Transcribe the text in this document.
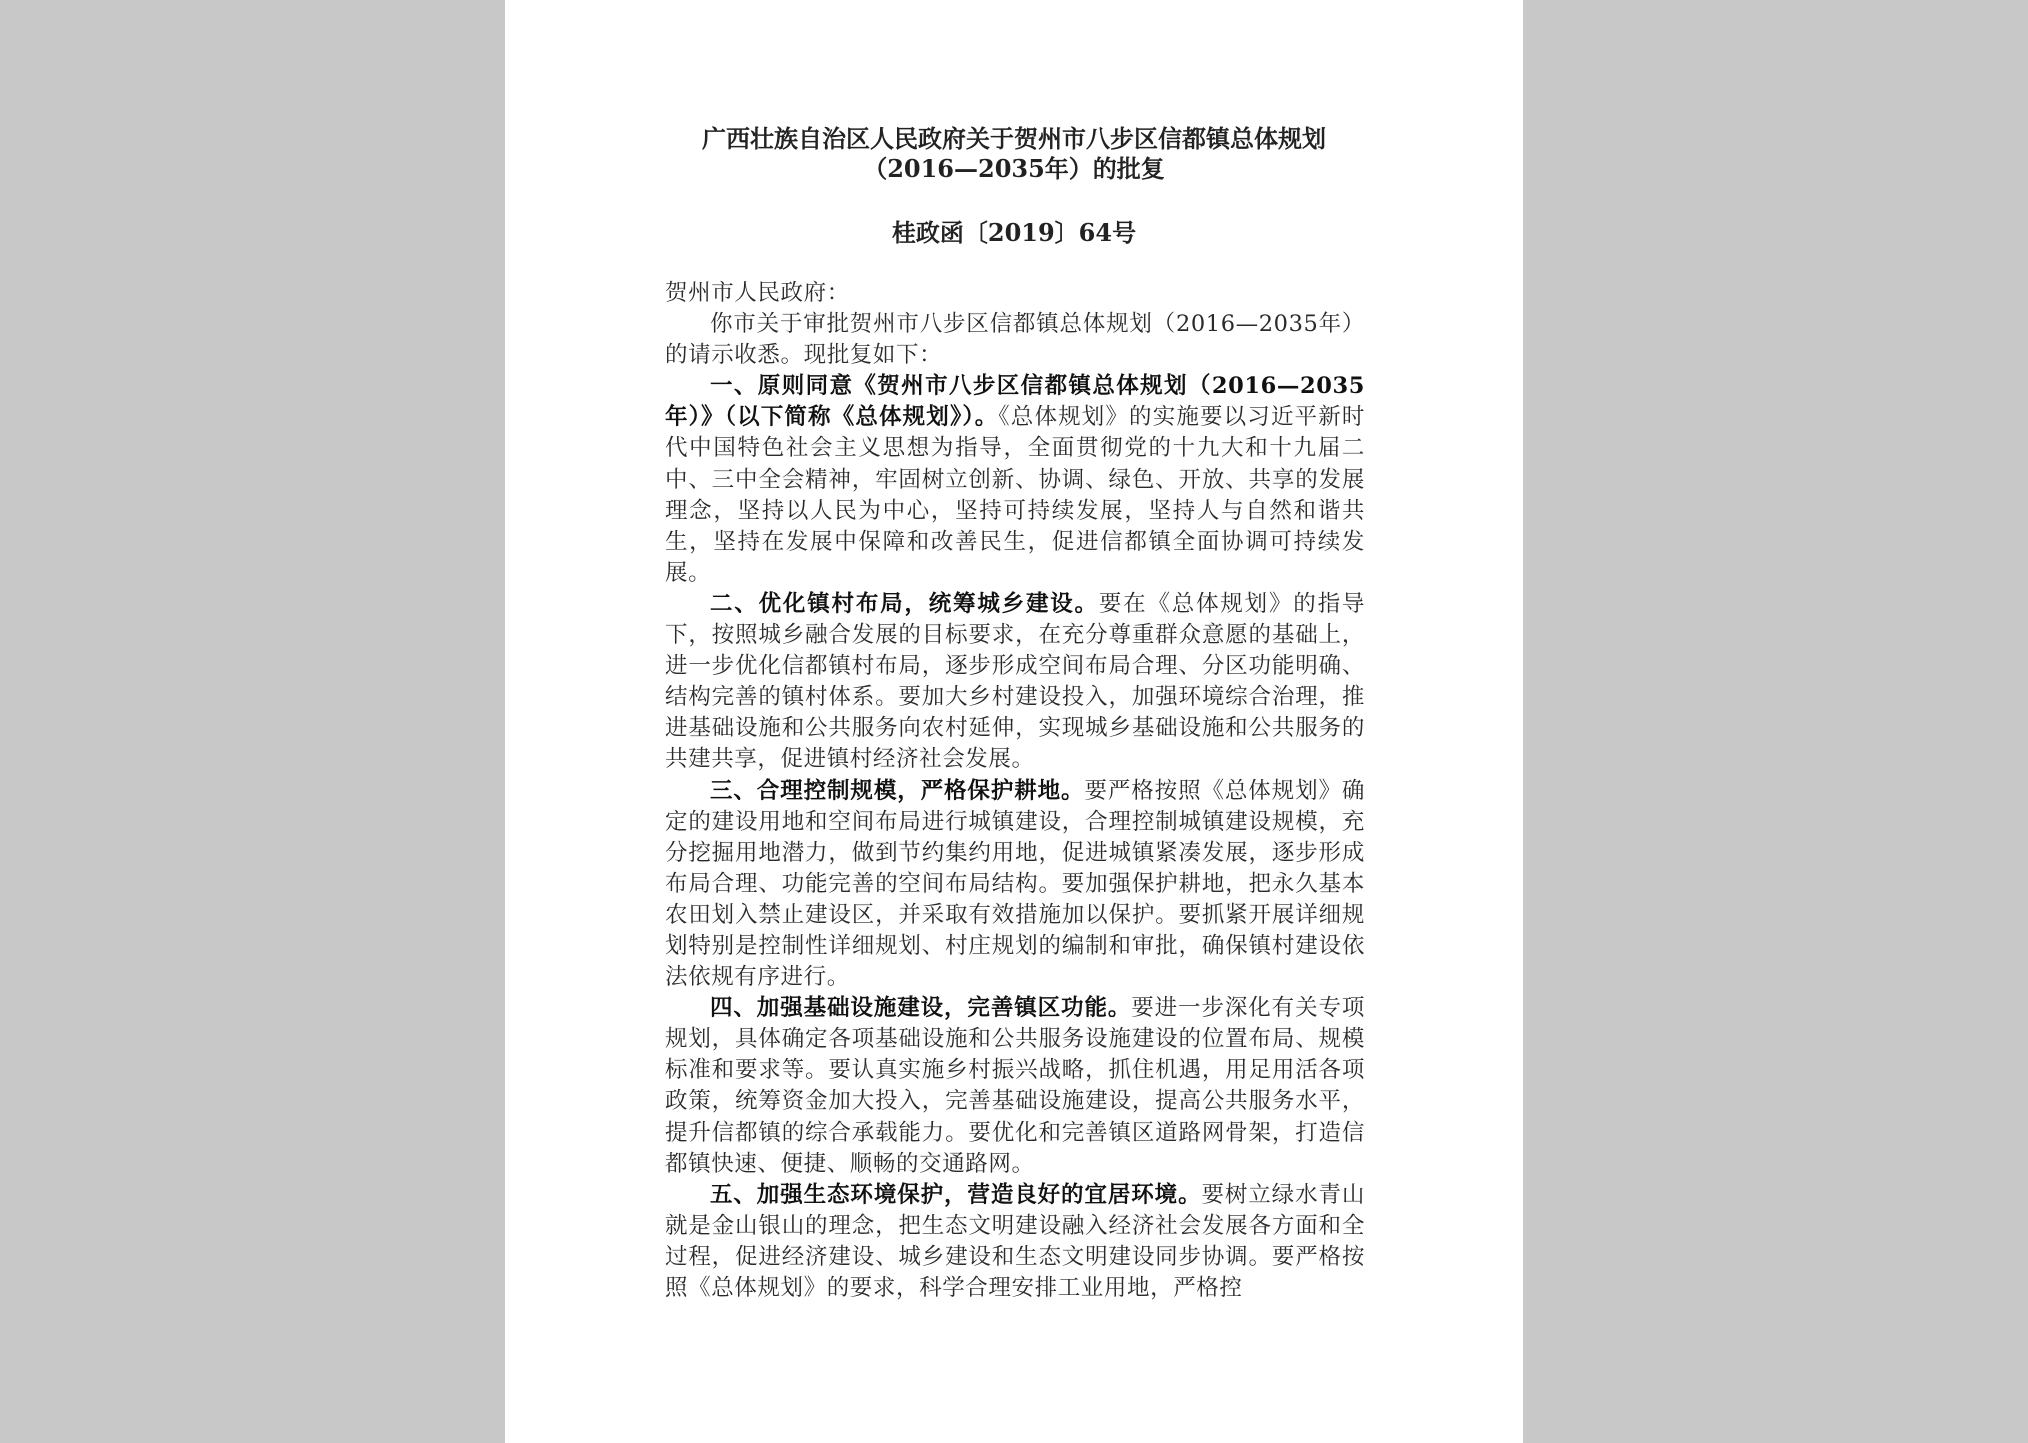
广西壮族自治区人民政府关于贺州市八步区信都镇总体规划
（2016—2035年）的批复
桂政函〔2019〕64号

贺州市人民政府：

你市关于审批贺州市八步区信都镇总体规划（2016—2035年）的请示收悉。现批复如下：

一、原则同意《贺州市八步区信都镇总体规划（2016—2035年）》（以下简称《总体规划》）。《总体规划》的实施要以习近平新时代中国特色社会主义思想为指导，全面贯彻党的十九大和十九届二中、三中全会精神，牢固树立创新、协调、绿色、开放、共享的发展理念，坚持以人民为中心，坚持可持续发展，坚持人与自然和谐共生，坚持在发展中保障和改善民生，促进信都镇全面协调可持续发展。

二、优化镇村布局，统筹城乡建设。要在《总体规划》的指导下，按照城乡融合发展的目标要求，在充分尊重群众意愿的基础上，进一步优化信都镇村布局，逐步形成空间布局合理、分区功能明确、结构完善的镇村体系。要加大乡村建设投入，加强环境综合治理，推进基础设施和公共服务向农村延伸，实现城乡基础设施和公共服务的共建共享，促进镇村经济社会发展。

三、合理控制规模，严格保护耕地。要严格按照《总体规划》确定的建设用地和空间布局进行城镇建设，合理控制城镇建设规模，充分挖掘用地潜力，做到节约集约用地，促进城镇紧凑发展，逐步形成布局合理、功能完善的空间布局结构。要加强保护耕地，把永久基本农田划入禁止建设区，并采取有效措施加以保护。要抓紧开展详细规划特别是控制性详细规划、村庄规划的编制和审批，确保镇村建设依法依规有序进行。

四、加强基础设施建设，完善镇区功能。要进一步深化有关专项规划，具体确定各项基础设施和公共服务设施建设的位置布局、规模标准和要求等。要认真实施乡村振兴战略，抓住机遇，用足用活各项政策，统筹资金加大投入，完善基础设施建设，提高公共服务水平，提升信都镇的综合承载能力。要优化和完善镇区道路网骨架，打造信都镇快速、便捷、顺畅的交通路网。

五、加强生态环境保护，营造良好的宜居环境。要树立绿水青山就是金山银山的理念，把生态文明建设融入经济社会发展各方面和全过程，促进经济建设、城乡建设和生态文明建设同步协调。要严格按照《总体规划》的要求，科学合理安排工业用地，严格控
